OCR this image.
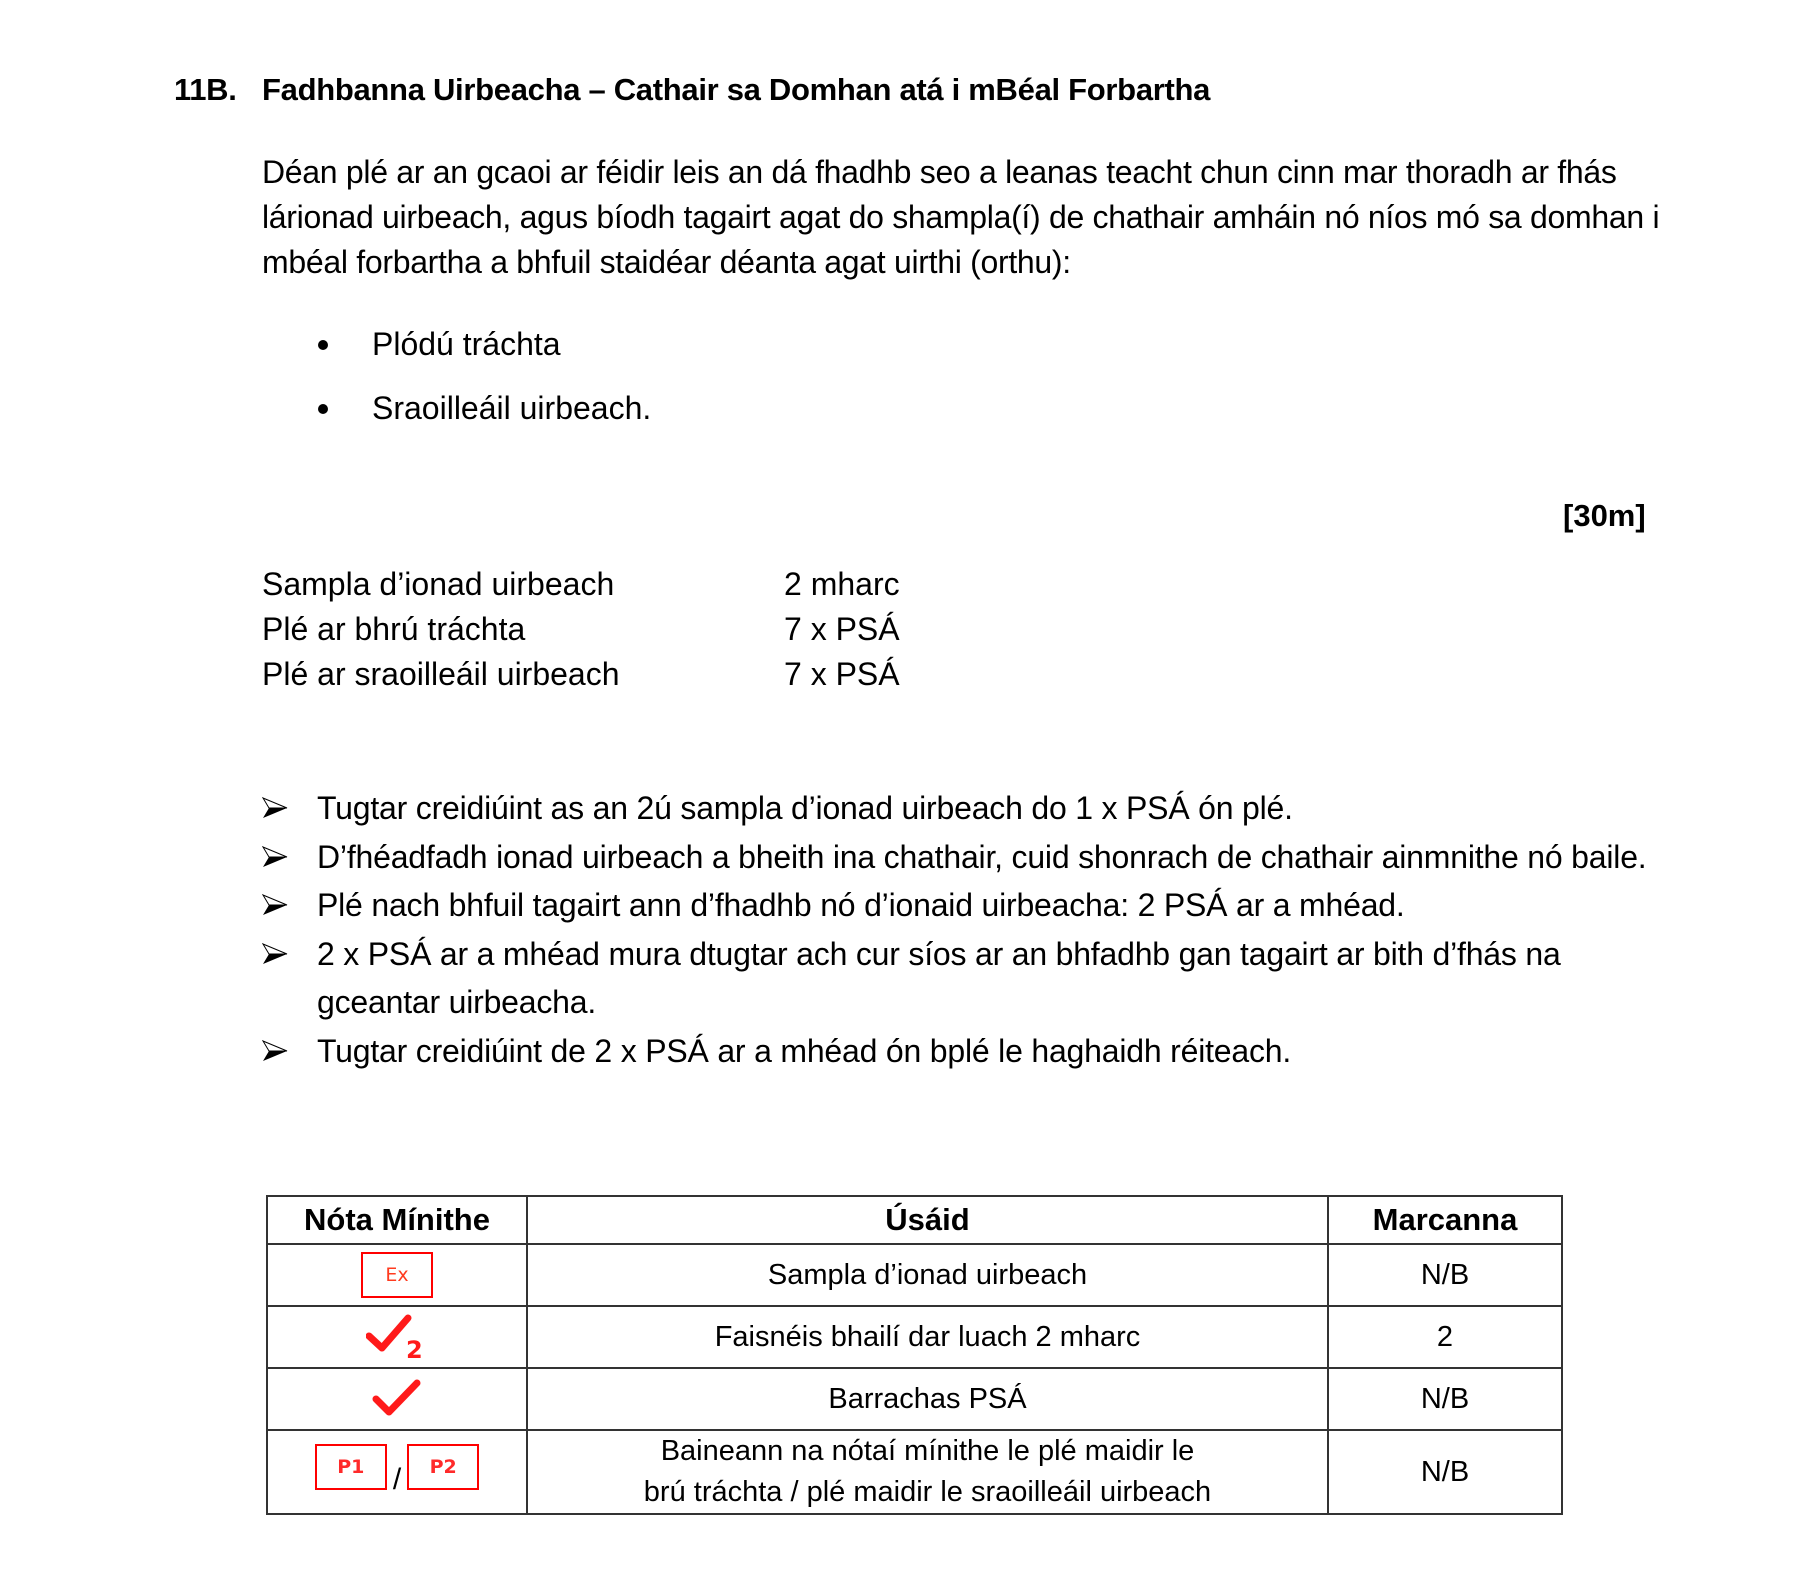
11B. Fadhbanna Uirbeacha – Cathair sa Domhan atá i mBéal Forbartha
Déan plé ar an gcaoi ar féidir leis an dá fhadhb seo a leanas teacht chun cinn mar thoradh ar fhás lárionad uirbeach, agus bíodh tagairt agat do shampla(í) de chathair amháin nó níos mó sa domhan i mbéal forbartha a bhfuil staidéar déanta agat uirthi (orthu):
Plódú tráchta
Sraoilleáil uirbeach.
[30m]
Sampla d’ionad uirbeach	2 mharc
Plé ar bhrú tráchta	7 x PSÁ
Plé ar sraoilleáil uirbeach	7 x PSÁ
Tugtar creidiúint as an 2ú sampla d’ionad uirbeach do 1 x PSÁ ón plé.
D’fhéadfadh ionad uirbeach a bheith ina chathair, cuid shonrach de chathair ainmnithe nó baile.
Plé nach bhfuil tagairt ann d’fhadhb nó d’ionaid uirbeacha: 2 PSÁ ar a mhéad.
2 x PSÁ ar a mhéad mura dtugtar ach cur síos ar an bhfadhb gan tagairt ar bith d’fhás na gceantar uirbeacha.
Tugtar creidiúint de 2 x PSÁ ar a mhéad ón bplé le haghaidh réiteach.
Nóta Mínithe	Úsáid	Marcanna
Ex	Sampla d’ionad uirbeach	N/B

2	Faisnéis bhailí dar luach 2 mharc	2
	Barrachas PSÁ	N/B
P1 / P2	Baineann na nótaí mínithe le plé maidir le
brú tráchta / plé maidir le sraoilleáil uirbeach	N/B
